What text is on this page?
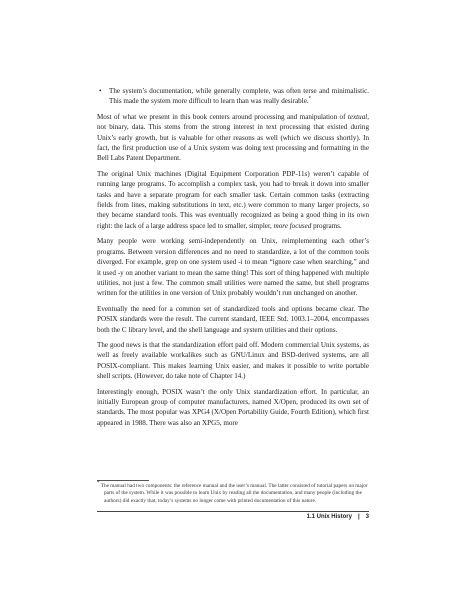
• The system’s documentation, while generally complete, was often terse and minimalistic. This made the system more difficult to learn than was really desirable.*

Most of what we present in this book centers around processing and manipulation of textual, not binary, data. This stems from the strong interest in text processing that existed during Unix’s early growth, but is valuable for other reasons as well (which we discuss shortly). In fact, the first production use of a Unix system was doing text processing and formatting in the Bell Labs Patent Department.

The original Unix machines (Digital Equipment Corporation PDP-11s) weren’t capable of running large programs. To accomplish a complex task, you had to break it down into smaller tasks and have a separate program for each smaller task. Certain common tasks (extracting fields from lines, making substitutions in text, etc.) were common to many larger projects, so they became standard tools. This was eventually recognized as being a good thing in its own right: the lack of a large address space led to smaller, simpler, more focused programs.

Many people were working semi-independently on Unix, reimplementing each other’s programs. Between version differences and no need to standardize, a lot of the common tools diverged. For example, grep on one system used -i to mean “ignore case when searching,” and it used -y on another variant to mean the same thing! This sort of thing happened with multiple utilities, not just a few. The common small utilities were named the same, but shell programs written for the utilities in one version of Unix probably wouldn’t run unchanged on another.

Eventually the need for a common set of standardized tools and options became clear. The POSIX standards were the result. The current standard, IEEE Std. 1003.1–2004, encompasses both the C library level, and the shell language and system utilities and their options.

The good news is that the standardization effort paid off. Modern commercial Unix systems, as well as freely available workalikes such as GNU/Linux and BSD-derived systems, are all POSIX-compliant. This makes learning Unix easier, and makes it possible to write portable shell scripts. (However, do take note of Chapter 14.)

Interestingly enough, POSIX wasn’t the only Unix standardization effort. In particular, an initially European group of computer manufacturers, named X/Open, produced its own set of standards. The most popular was XPG4 (X/Open Portability Guide, Fourth Edition), which first appeared in 1988. There was also an XPG5, more

* The manual had two components: the reference manual and the user’s manual. The latter consisted of tutorial papers on major parts of the system. While it was possible to learn Unix by reading all the documentation, and many people (including the authors) did exactly that, today’s systems no longer come with printed documentation of this nature.

1.1 Unix History | 3
